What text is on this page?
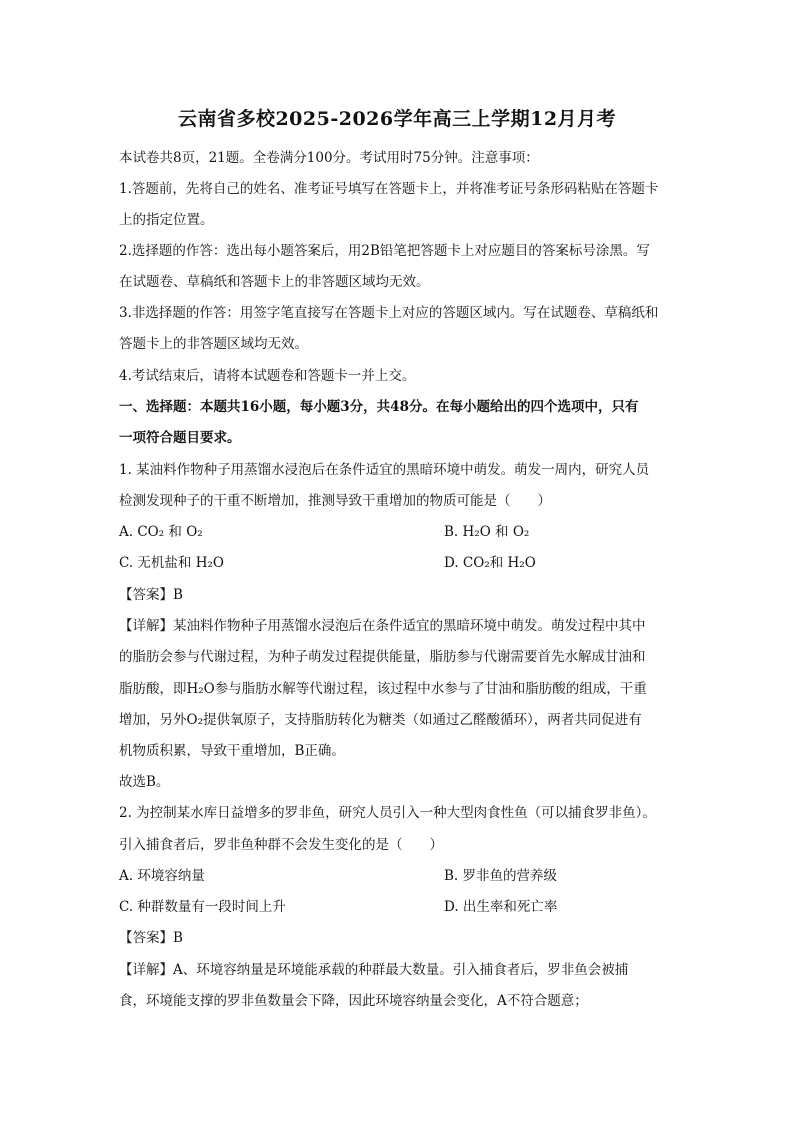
云南省多校2025-2026学年高三上学期12月月考
本试卷共8页，21题。全卷满分100分。考试用时75分钟。注意事项：
1.答题前，先将自己的姓名、准考证号填写在答题卡上，并将准考证号条形码粘贴在答题卡
上的指定位置。
2.选择题的作答：选出每小题答案后，用2B铅笔把答题卡上对应题目的答案标号涂黑。写
在试题卷、草稿纸和答题卡上的非答题区域均无效。
3.非选择题的作答：用签字笔直接写在答题卡上对应的答题区域内。写在试题卷、草稿纸和
答题卡上的非答题区域均无效。
4.考试结束后，请将本试题卷和答题卡一并上交。
一、选择题：本题共16小题，每小题3分，共48分。在每小题给出的四个选项中，只有
一项符合题目要求。
1. 某油料作物种子用蒸馏水浸泡后在条件适宜的黑暗环境中萌发。萌发一周内，研究人员
检测发现种子的干重不断增加，推测导致干重增加的物质可能是（　　）
A. CO₂ 和 O₂	B. H₂O 和 O₂
C. 无机盐和 H₂O	D. CO₂和 H₂O
【答案】B
【详解】某油料作物种子用蒸馏水浸泡后在条件适宜的黑暗环境中萌发。萌发过程中其中
的脂肪会参与代谢过程，为种子萌发过程提供能量，脂肪参与代谢需要首先水解成甘油和
脂肪酸，即H₂O参与脂肪水解等代谢过程，该过程中水参与了甘油和脂肪酸的组成，干重
增加，另外O₂提供氧原子，支持脂肪转化为糖类（如通过乙醛酸循环），两者共同促进有
机物质积累，导致干重增加，B正确。
故选B。
2. 为控制某水库日益增多的罗非鱼，研究人员引入一种大型肉食性鱼（可以捕食罗非鱼）。
引入捕食者后，罗非鱼种群不会发生变化的是（　　）
A. 环境容纳量	B. 罗非鱼的营养级
C. 种群数量有一段时间上升	D. 出生率和死亡率
【答案】B
【详解】A、环境容纳量是环境能承载的种群最大数量。引入捕食者后，罗非鱼会被捕
食，环境能支撑的罗非鱼数量会下降，因此环境容纳量会变化，A不符合题意；
